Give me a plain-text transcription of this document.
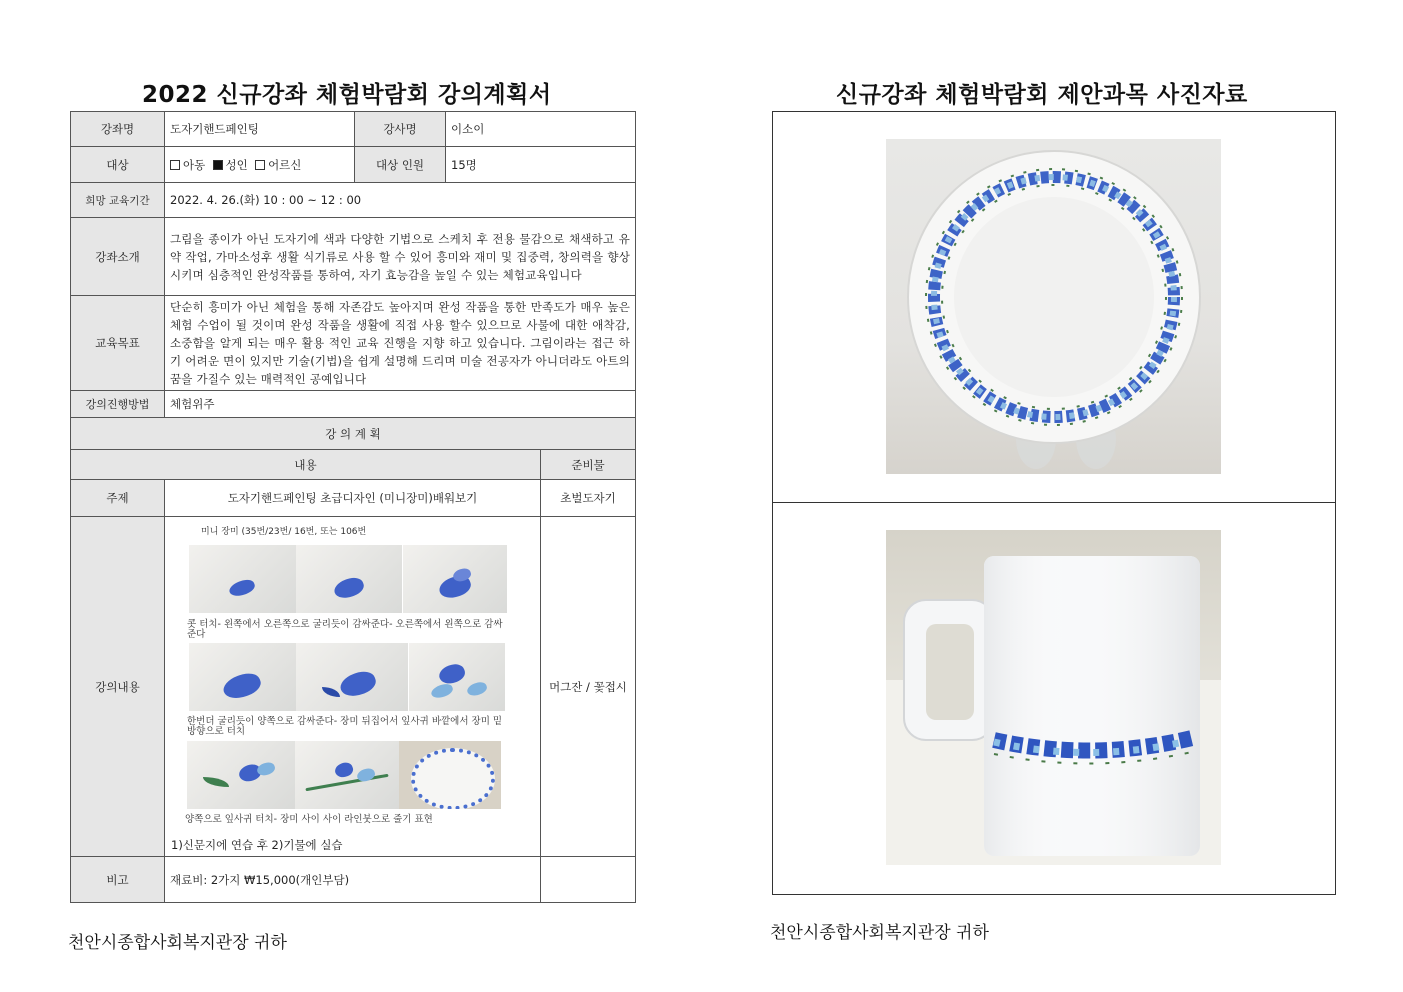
2022 신규강좌 체험박람회 강의계획서
강좌명	도자기핸드페인팅	강사명	이소이	
대상	아동 성인 어르신	대상 인원	15명	
희망 교육기간	2022. 4. 26.(화) 10 : 00 ~ 12 : 00			
강좌소개	그림을 종이가 아닌 도자기에 색과 다양한 기법으로 스케치 후 전용 물감으로 채색하고 유약 작업, 가마소성후 생활 식기류로 사용 할 수 있어 흥미와 재미 및 집중력, 창의력을 향상 시키며 심층적인 완성작품를 통하여, 자기 효능감을 높일 수 있는 체험교육입니다			
교육목표	단순히 흥미가 아닌 체험을 통해 자존감도 높아지며 완성 작품을 통한 만족도가 매우 높은 체험 수업이 될 것이며 완성 작품을 생활에 직접 사용 할수 있으므로 사물에 대한 애착감, 소중함을 알게 되는 매우 활용 적인 교육 진행을 지향 하고 있습니다. 그림이라는 접근 하기 어려운 면이 있지만 기술(기법)을 쉽게 설명해 드리며 미술 전공자가 아니더라도 아트의 꿈을 가질수 있는 매력적인 공예입니다			
강의진행방법	체험위주			
강 의 계 획				
내용				준비물
주제	도자기핸드페인팅 초급디자인 (미니장미)배워보기			초벌도자기
강의내용	미니 장미 (35번/23번/ 16번, 또는 106번
콧 터치- 왼쪽에서 오른쪽으로 굴리듯이 감싸준다- 오른쪽에서 왼쪽으로 감싸준다
한번더 굴리듯이 양쪽으로 감싸준다- 장미 뒤집어서 잎사귀 바깥에서 장미 밑 방향으로 터치
양쪽으로 잎사귀 터치- 장미 사이 사이 라인붓으로 줄기 표현
1)신문지에 연습 후 2)기물에 실습			머그잔 / 꽃접시
비고	재료비: 2가지 ₩15,000(개인부담)			
천안시종합사회복지관장 귀하
신규강좌 체험박람회 제안과목 사진자료
천안시종합사회복지관장 귀하
